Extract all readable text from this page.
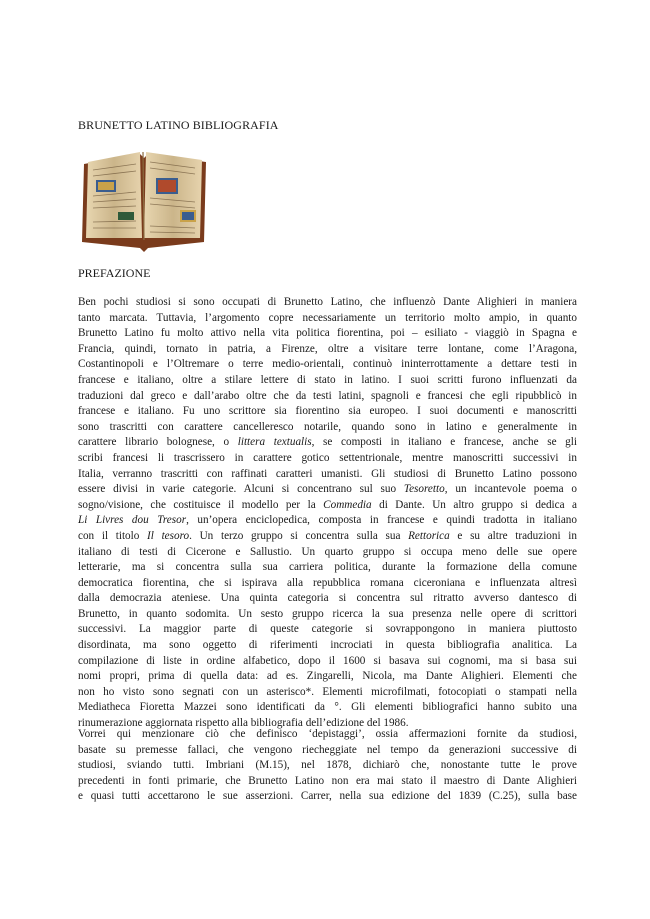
BRUNETTO LATINO BIBLIOGRAFIA
PREFAZIONE
Ben pochi studiosi si sono occupati di Brunetto Latino, che influenzò Dante Alighieri in maniera
tanto marcata. Tuttavia, l’argomento copre necessariamente un territorio molto ampio, in quanto
Brunetto Latino fu molto attivo nella vita politica fiorentina, poi – esiliato - viaggiò in Spagna e
Francia, quindi, tornato in patria, a Firenze, oltre a visitare terre lontane, come l’Aragona,
Costantinopoli e l’Oltremare o terre medio-orientali, continuò ininterrottamente a dettare testi in
francese e italiano, oltre a stilare lettere di stato in latino. I suoi scritti furono influenzati da
traduzioni dal greco e dall’arabo oltre che da testi latini, spagnoli e francesi che egli ripubblicò in
francese e italiano. Fu uno scrittore sia fiorentino sia europeo. I suoi documenti e manoscritti
sono trascritti con carattere cancelleresco notarile, quando sono in latino e generalmente in
carattere librario bolognese, o littera textualis, se composti in italiano e francese, anche se gli
scribi francesi li trascrissero in carattere gotico settentrionale, mentre manoscritti successivi in
Italia, verranno trascritti con raffinati caratteri umanisti. Gli studiosi di Brunetto Latino possono
essere divisi in varie categorie. Alcuni si concentrano sul suo Tesoretto, un incantevole poema o
sogno/visione, che costituisce il modello per la Commedia di Dante. Un altro gruppo si dedica a
Li Livres dou Tresor, un’opera enciclopedica, composta in francese e quindi tradotta in italiano
con il titolo Il tesoro. Un terzo gruppo si concentra sulla sua Rettorica e su altre traduzioni in
italiano di testi di Cicerone e Sallustio. Un quarto gruppo si occupa meno delle sue opere
letterarie, ma si concentra sulla sua carriera politica, durante la formazione della comune
democratica fiorentina, che si ispirava alla repubblica romana ciceroniana e influenzata altresì
dalla democrazia ateniese. Una quinta categoria si concentra sul ritratto avverso dantesco di
Brunetto, in quanto sodomita. Un sesto gruppo ricerca la sua presenza nelle opere di scrittori
successivi. La maggior parte di queste categorie si sovrappongono in maniera piuttosto
disordinata, ma sono oggetto di riferimenti incrociati in questa bibliografia analitica. La
compilazione di liste in ordine alfabetico, dopo il 1600 si basava sui cognomi, ma si basa sui
nomi propri, prima di quella data: ad es. Zingarelli, Nicola, ma Dante Alighieri. Elementi che
non ho visto sono segnati con un asterisco*. Elementi microfilmati, fotocopiati o stampati nella
Mediatheca Fioretta Mazzei sono identificati da °. Gli elementi bibliografici hanno subito una
rinumerazione aggiornata rispetto alla bibliografia dell’edizione del 1986.
Vorrei qui menzionare ciò che definisco ‘depistaggi’, ossia affermazioni fornite da studiosi,
basate su premesse fallaci, che vengono riecheggiate nel tempo da generazioni successive di
studiosi, sviando tutti. Imbriani (M.15), nel 1878, dichiarò che, nonostante tutte le prove
precedenti in fonti primarie, che Brunetto Latino non era mai stato il maestro di Dante Alighieri
e quasi tutti accettarono le sue asserzioni. Carrer, nella sua edizione del 1839 (C.25), sulla base
